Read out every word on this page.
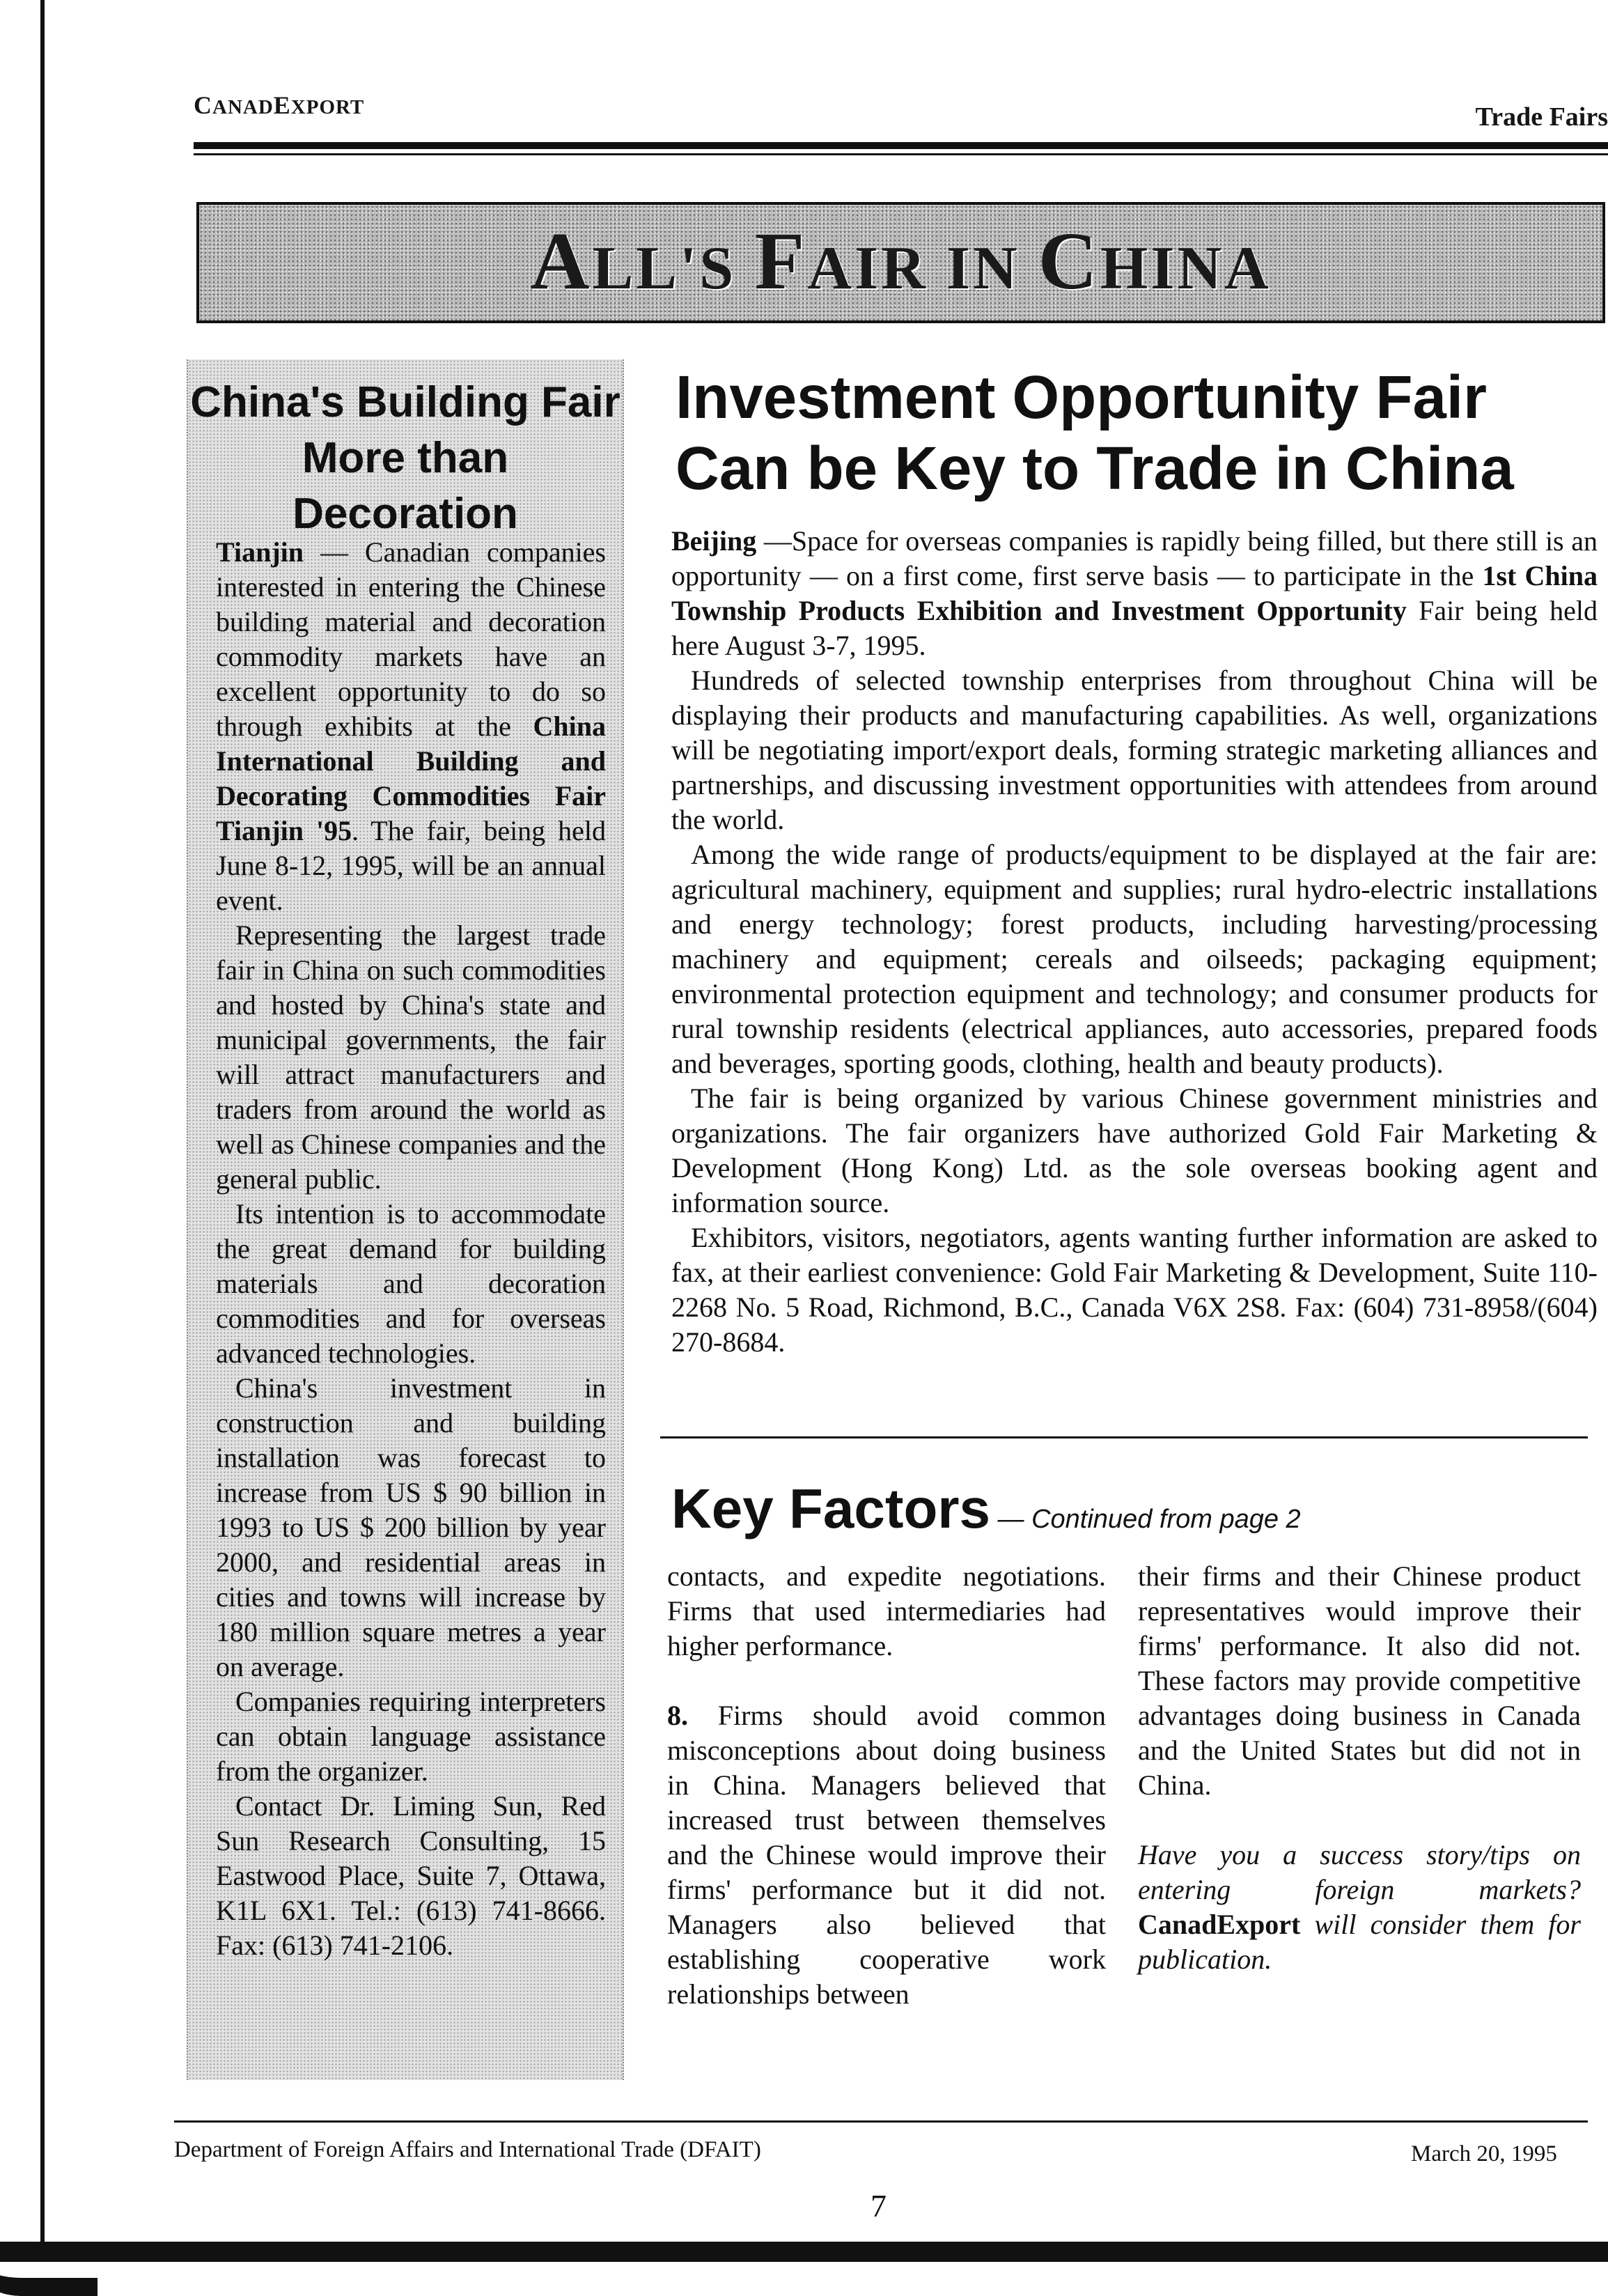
CANADEXPORT	Trade Fairs
ALL'S FAIR IN CHINA
China's Building Fair More than Decoration

Tianjin — Canadian companies interested in entering the Chinese building material and decoration commodity markets have an excellent opportunity to do so through exhibits at the China International Building and Decorating Commodities Fair Tianjin '95. The fair, being held June 8-12, 1995, will be an annual event.

Representing the largest trade fair in China on such commodities and hosted by China's state and municipal governments, the fair will attract manufacturers and traders from around the world as well as Chinese companies and the general public.

Its intention is to accommodate the great demand for building materials and decoration commodities and for overseas advanced technologies.

China's investment in construction and building installation was forecast to increase from US $ 90 billion in 1993 to US $ 200 billion by year 2000, and residential areas in cities and towns will increase by 180 million square metres a year on average.

Companies requiring interpreters can obtain language assistance from the organizer.

Contact Dr. Liming Sun, Red Sun Research Consulting, 15 Eastwood Place, Suite 7, Ottawa, K1L 6X1. Tel.: (613) 741-8666. Fax: (613) 741-2106.

Investment Opportunity Fair Can be Key to Trade in China

Beijing —Space for overseas companies is rapidly being filled, but there still is an opportunity — on a first come, first serve basis — to participate in the 1st China Township Products Exhibition and Investment Opportunity Fair being held here August 3-7, 1995.

Hundreds of selected township enterprises from throughout China will be displaying their products and manufacturing capabilities. As well, organizations will be negotiating import/export deals, forming strategic marketing alliances and partnerships, and discussing investment opportunities with attendees from around the world.

Among the wide range of products/equipment to be displayed at the fair are: agricultural machinery, equipment and supplies; rural hydro-electric installations and energy technology; forest products, including harvesting/processing machinery and equipment; cereals and oilseeds; packaging equipment; environmental protection equipment and technology; and consumer products for rural township residents (electrical appliances, auto accessories, prepared foods and beverages, sporting goods, clothing, health and beauty products).

The fair is being organized by various Chinese government ministries and organizations. The fair organizers have authorized Gold Fair Marketing & Development (Hong Kong) Ltd. as the sole overseas booking agent and information source.

Exhibitors, visitors, negotiators, agents wanting further information are asked to fax, at their earliest convenience: Gold Fair Marketing & Development, Suite 110-2268 No. 5 Road, Richmond, B.C., Canada V6X 2S8. Fax: (604) 731-8958/(604) 270-8684.

Key Factors — Continued from page 2

contacts, and expedite negotiations. Firms that used intermediaries had higher performance.

8. Firms should avoid common misconceptions about doing business in China. Managers believed that increased trust between themselves and the Chinese would improve their firms' performance but it did not. Managers also believed that establishing cooperative work relationships between

their firms and their Chinese product representatives would improve their firms' performance. It also did not. These factors may provide competitive advantages doing business in Canada and the United States but did not in China.

Have you a success story/tips on entering foreign markets? CanadExport will consider them for publication.

Department of Foreign Affairs and International Trade (DFAIT)	March 20, 1995
7
